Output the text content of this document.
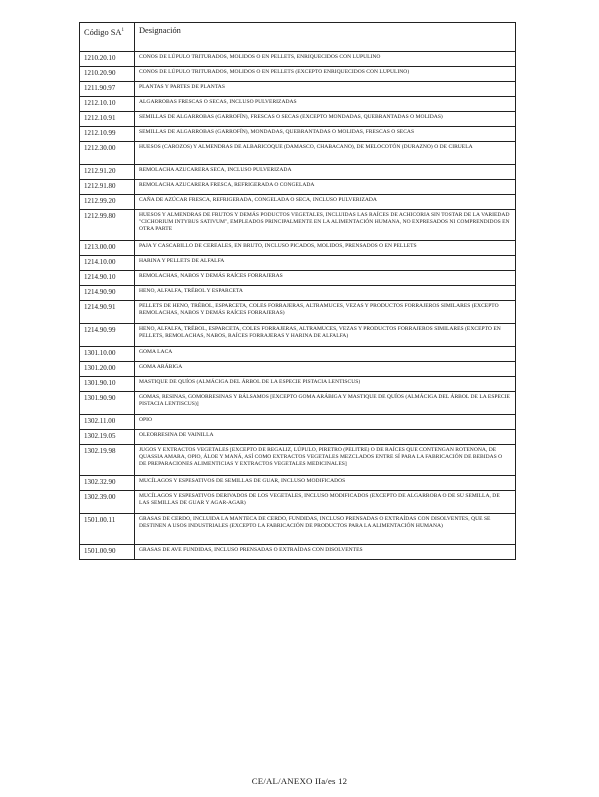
Código $SA^1$	Designación
1210.20.10	CONOS DE LÚPULO TRITURADOS, MOLIDOS O EN PELLETS, ENRIQUECIDOS CON LUPULINO
1210.20.90	CONOS DE LÚPULO TRITURADOS, MOLIDOS O EN PELLETS (EXCEPTO ENRIQUECIDOS CON LUPULINO)
1211.90.97	PLANTAS Y PARTES DE PLANTAS
1212.10.10	ALGARROBAS FRESCAS O SECAS, INCLUSO PULVERIZADAS
1212.10.91	SEMILLAS DE ALGARROBAS (GARROFÍN), FRESCAS O SECAS (EXCEPTO MONDADAS, QUEBRANTADAS O MOLIDAS)
1212.10.99	SEMILLAS DE ALGARROBAS (GARROFÍN), MONDADAS, QUEBRANTADAS O MOLIDAS, FRESCAS O SECAS
1212.30.00	HUESOS (CAROZOS) Y ALMENDRAS DE ALBARICOQUE (DAMASCO, CHABACANO), DE MELOCOTÓN (DURAZNO) O DE CIRUELA
1212.91.20	REMOLACHA AZUCARERA SECA, INCLUSO PULVERIZADA
1212.91.80	REMOLACHA AZUCARERA FRESCA, REFRIGERADA O CONGELADA
1212.99.20	CAÑA DE AZÚCAR FRESCA, REFRIGERADA, CONGELADA O SECA, INCLUSO PULVERIZADA
1212.99.80	HUESOS Y ALMENDRAS DE FRUTOS Y DEMÁS PODUCTOS VEGETALES, INCLUIDAS LAS RAÍCES DE ACHICORIA SIN TOSTAR DE LA VARIEDAD "CICHORIUM INTYBUS SATIVUM", EMPLEADOS PRINCIPALMENTE EN LA ALIMENTACIÓN HUMANA, NO EXPRESADOS NI COMPRENDIDOS EN OTRA PARTE
1213.00.00	PAJA Y CASCABILLO DE CEREALES, EN BRUTO, INCLUSO PICADOS, MOLIDOS, PRENSADOS O EN PELLETS
1214.10.00	HARINA Y PELLETS DE ALFALFA
1214.90.10	REMOLACHAS, NABOS Y DEMÁS RAÍCES FORRAJERAS
1214.90.90	HENO, ALFALFA, TRÉBOL Y ESPARCETA
1214.90.91	PELLETS DE HENO, TRÉBOL, ESPARCETA, COLES FORRAJERAS, ALTRAMUCES, VEZAS Y PRODUCTOS FORRAJEROS SIMILARES (EXCEPTO REMOLACHAS, NABOS Y DEMÁS RAÍCES FORRAJERAS)
1214.90.99	HENO, ALFALFA, TRÉBOL, ESPARCETA, COLES FORRAJERAS, ALTRAMUCES, VEZAS Y PRODUCTOS FORRAJEROS SIMILARES (EXCEPTO EN PELLETS, REMOLACHAS, NABOS, RAÍCES FORRAJERAS Y HARINA DE ALFALFA)
1301.10.00	GOMA LACA
1301.20.00	GOMA ARÁBIGA
1301.90.10	MASTIQUE DE QUÍOS (ALMÁCIGA DEL ÁRBOL DE LA ESPECIE PISTACIA LENTISCUS)
1301.90.90	GOMAS, RESINAS, GOMORRESINAS Y BÁLSAMOS [EXCEPTO GOMA ARÁBIGA Y MASTIQUE DE QUÍOS (ALMÁCIGA DEL ÁRBOL DE LA ESPECIE PISTACIA LENTISCUS)]
1302.11.00	OPIO
1302.19.05	OLEORRESINA DE VAINILLA
1302.19.98	JUGOS Y EXTRACTOS VEGETALES [EXCEPTO DE REGALIZ, LÚPULO, PIRETRO (PELITRE) O DE RAÍCES QUE CONTENGAN ROTENONA, DE QUASSIA AMARA, OPIO, ÁLOE Y MANÁ, ASÍ COMO EXTRACTOS VEGETALES MEZCLADOS ENTRE SÍ PARA LA FABRICACIÓN DE BEBIDAS O DE PREPARACIONES ALIMENTICIAS Y EXTRACTOS VEGETALES MEDICINALES]
1302.32.90	MUCÍLAGOS Y ESPESATIVOS DE SEMILLAS DE GUAR, INCLUSO MODIFICADOS
1302.39.00	MUCÍLAGOS Y ESPESATIVOS DERIVADOS DE LOS VEGETALES, INCLUSO MODIFICADOS (EXCEPTO DE ALGARROBA O DE SU SEMILLA, DE LAS SEMILLAS DE GUAR Y AGAR-AGAR)
1501.00.11	GRASAS DE CERDO, INCLUIDA LA MANTECA DE CERDO, FUNDIDAS, INCLUSO PRENSADAS O EXTRAÍDAS CON DISOLVENTES, QUE SE DESTINEN A USOS INDUSTRIALES (EXCEPTO LA FABRICACIÓN DE PRODUCTOS PARA LA ALIMENTACIÓN HUMANA)
1501.00.90	GRASAS DE AVE FUNDIDAS, INCLUSO PRENSADAS O EXTRAÍDAS CON DISOLVENTES
CE/AL/ANEXO IIa/es 12
